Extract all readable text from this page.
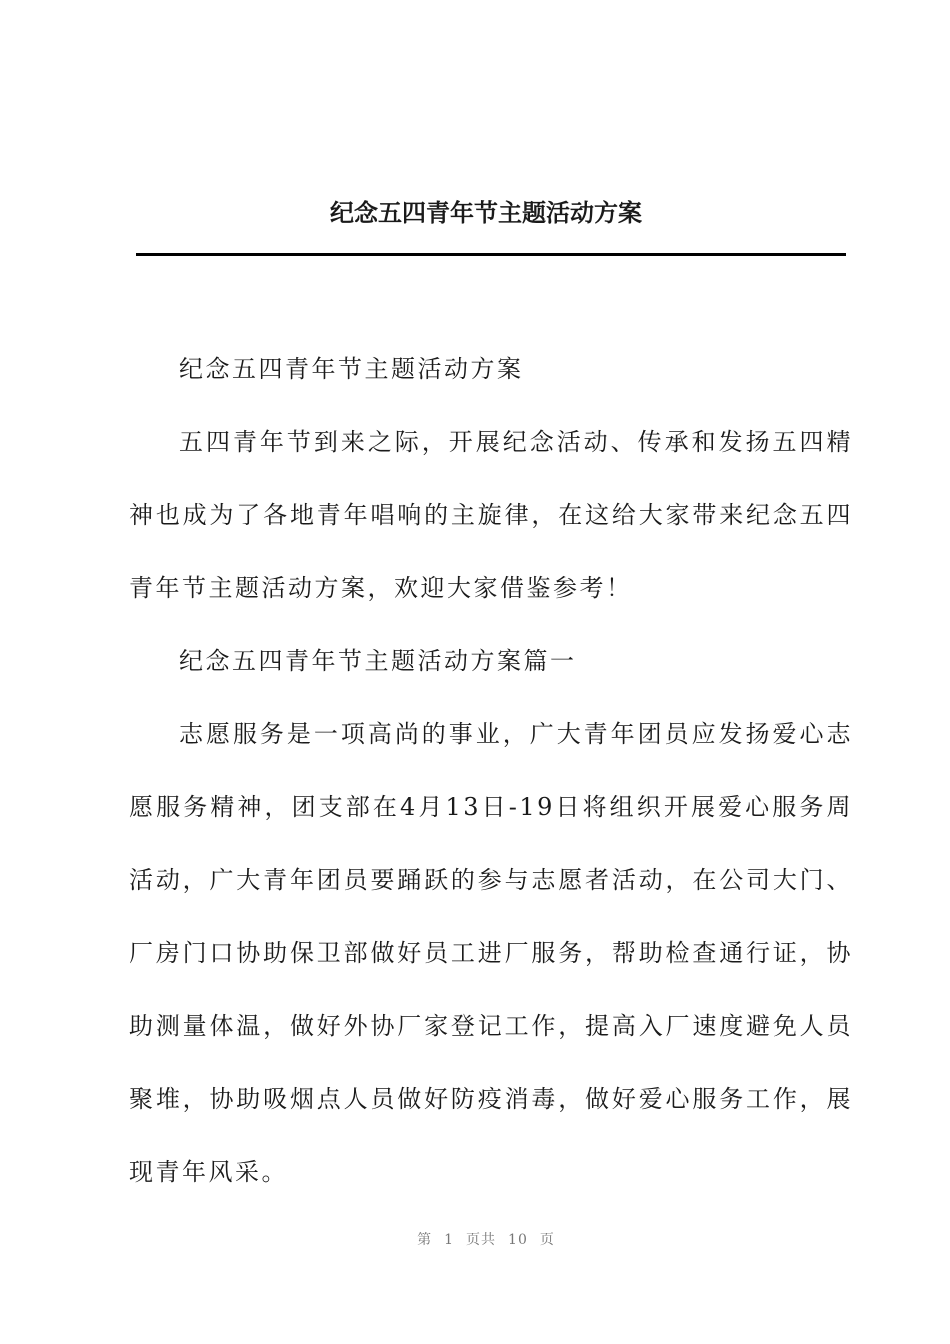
纪念五四青年节主题活动方案

纪念五四青年节主题活动方案

五四青年节到来之际，开展纪念活动、传承和发扬五四精神也成为了各地青年唱响的主旋律，在这给大家带来纪念五四青年节主题活动方案，欢迎大家借鉴参考！

纪念五四青年节主题活动方案篇一

志愿服务是一项高尚的事业，广大青年团员应发扬爱心志愿服务精神，团支部在4月13日-19日将组织开展爱心服务周活动，广大青年团员要踊跃的参与志愿者活动，在公司大门、厂房门口协助保卫部做好员工进厂服务，帮助检查通行证，协助测量体温，做好外协厂家登记工作，提高入厂速度避免人员聚堆，协助吸烟点人员做好防疫消毒，做好爱心服务工作，展现青年风采。

第 1 页共 10 页
